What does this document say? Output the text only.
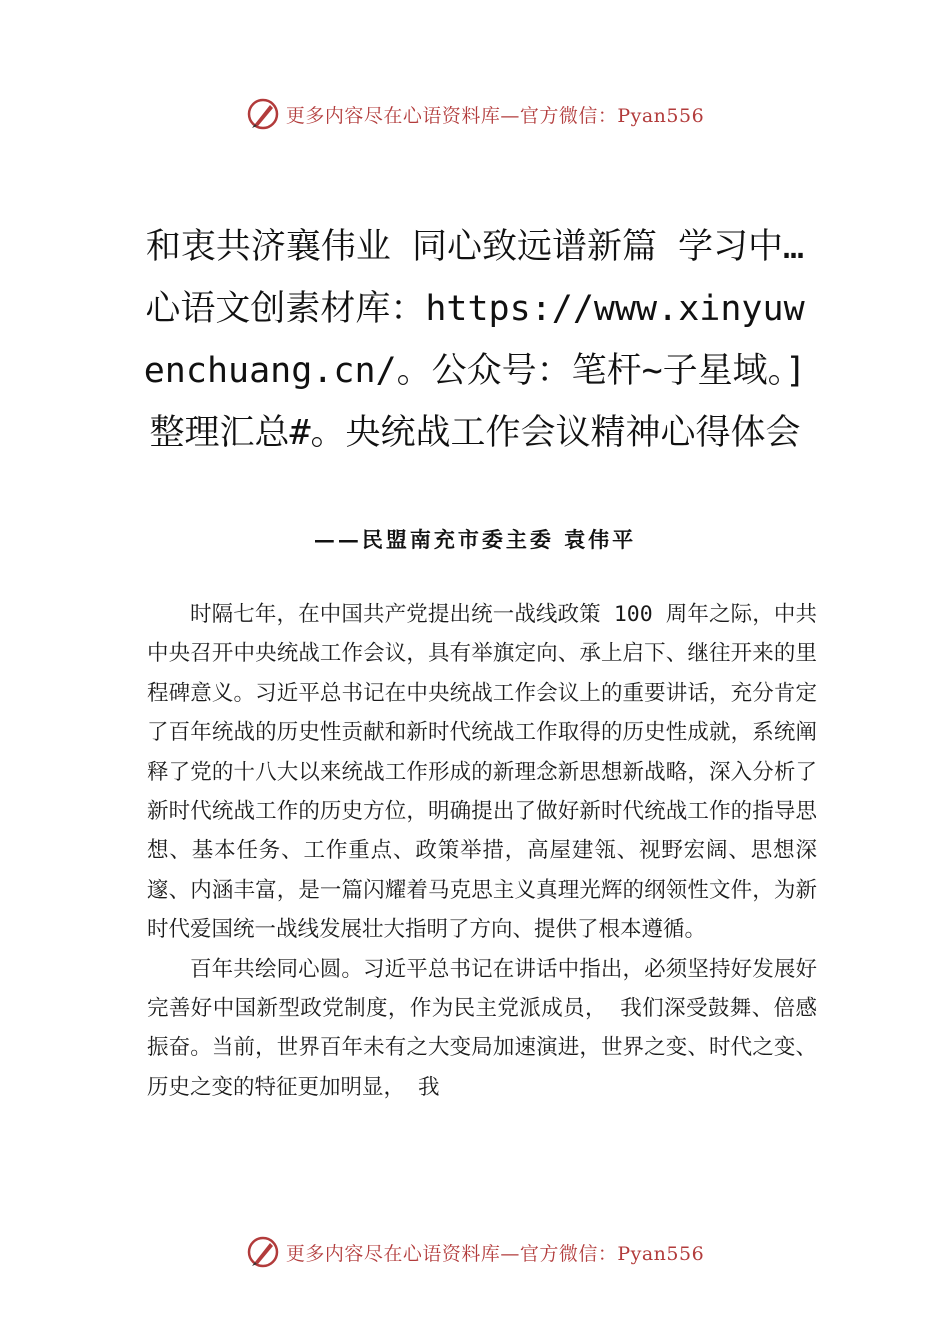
更多内容尽在心语资料库—官方微信：Pyan556
和衷共济襄伟业 同心致远谱新篇 学习中…心语文创素材库：https://www.xinyuwenchuang.cn/。公众号：笔杆~子星域。]整理汇总#。央统战工作会议精神心得体会
——民盟南充市委主委 袁伟平

时隔七年，在中国共产党提出统一战线政策 100 周年之际，中共中央召开中央统战工作会议，具有举旗定向、承上启下、继往开来的里程碑意义。习近平总书记在中央统战工作会议上的重要讲话，充分肯定了百年统战的历史性贡献和新时代统战工作取得的历史性成就，系统阐释了党的十八大以来统战工作形成的新理念新思想新战略，深入分析了新时代统战工作的历史方位，明确提出了做好新时代统战工作的指导思想、基本任务、工作重点、政策举措，高屋建瓴、视野宏阔、思想深邃、内涵丰富，是一篇闪耀着马克思主义真理光辉的纲领性文件，为新时代爱国统一战线发展壮大指明了方向、提供了根本遵循。

百年共绘同心圆。习近平总书记在讲话中指出，必须坚持好发展好完善好中国新型政党制度，作为民主党派成员， 我们深受鼓舞、倍感振奋。当前，世界百年未有之大变局加速演进，世界之变、时代之变、历史之变的特征更加明显， 我

更多内容尽在心语资料库—官方微信：Pyan556
